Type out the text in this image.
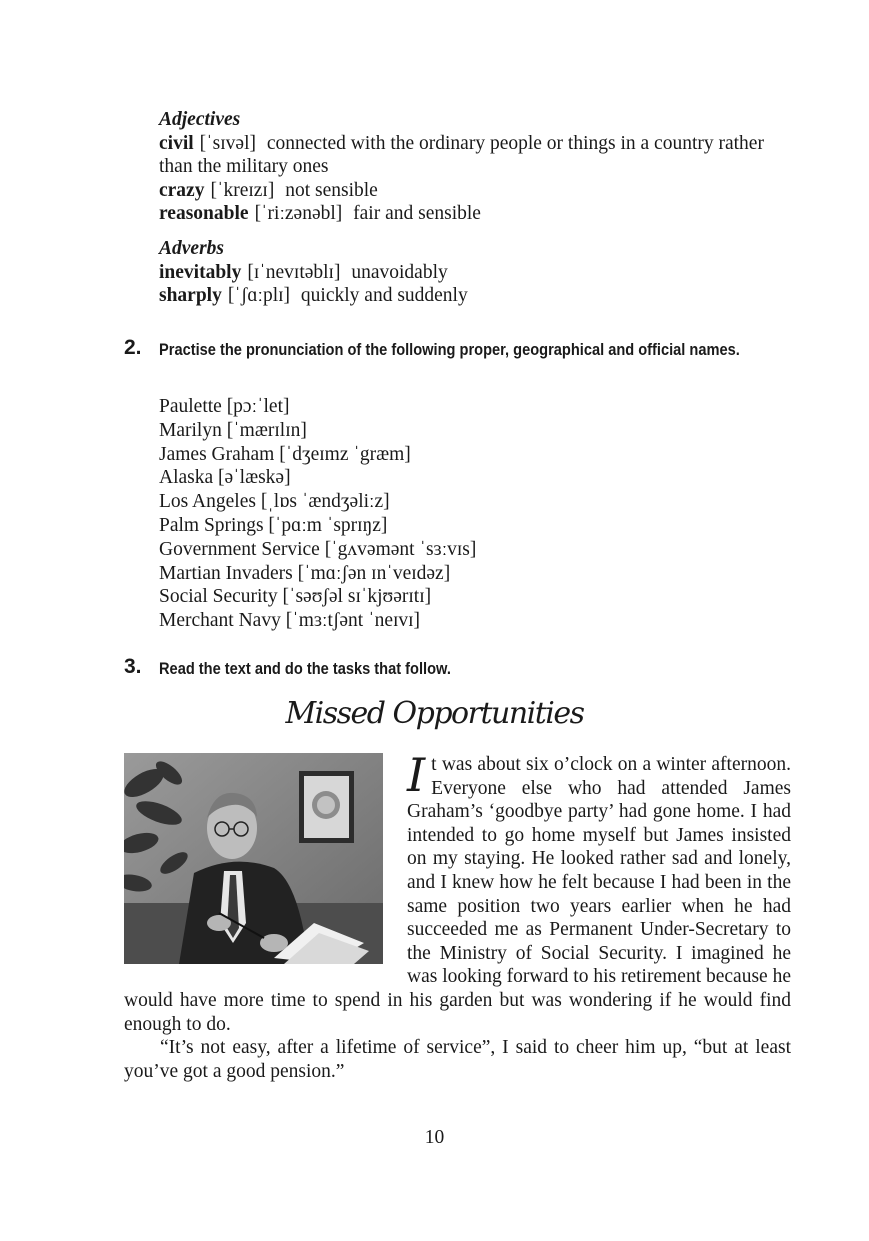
Adjectives
civil [ˈsɪvəl] connected with the ordinary people or things in a country rather than the military ones
crazy [ˈkreɪzɪ] not sensible
reasonable [ˈriːzənəbl] fair and sensible
Adverbs
inevitably [ɪˈnevɪtəblɪ] unavoidably
sharply [ˈʃɑːplɪ] quickly and suddenly
2. Practise the pronunciation of the following proper, geographical and official names.
Paulette [pɔːˈlet]
Marilyn [ˈmærɪlɪn]
James Graham [ˈdʒeɪmz ˈgræm]
Alaska [əˈlæskə]
Los Angeles [ˌlɒs ˈændʒəliːz]
Palm Springs [ˈpɑːm ˈsprɪŋz]
Government Service [ˈgʌvəmənt ˈsɜːvɪs]
Martian Invaders [ˈmɑːʃən ɪnˈveɪdəz]
Social Security [ˈsəʊʃəl sɪˈkjʊərɪtɪ]
Merchant Navy [ˈmɜːtʃənt ˈneɪvɪ]
3. Read the text and do the tasks that follow.
Missed Opportunities
I t was about six o’clock on a winter afternoon. Everyone else who had attended James Graham’s ‘goodbye party’ had gone home. I had intended to go home myself but James insisted on my staying. He looked rather sad and lonely, and I knew how he felt because I had been in the same position two years earlier when he had succeeded me as Permanent Under-Secretary to the Ministry of Social Security. I imagined he was looking forward to his retirement because he would have more time to spend in his garden but was wondering if he would find enough to do.

“It’s not easy, after a lifetime of service”, I said to cheer him up, “but at least you’ve got a good pension.”

10
